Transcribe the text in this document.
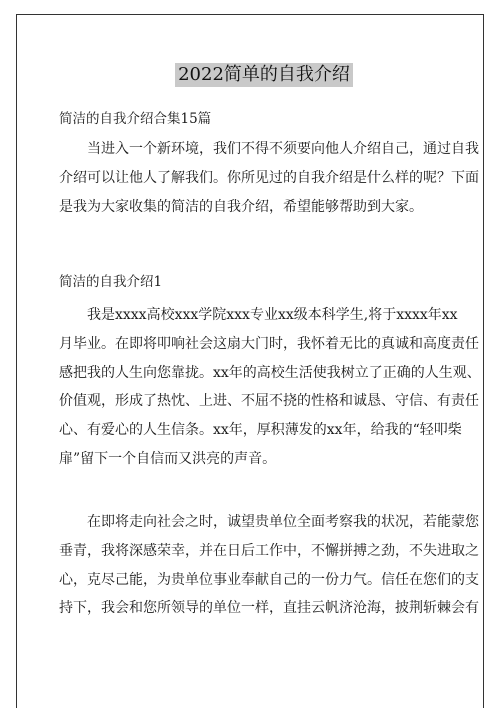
2022简单的自我介绍
简洁的自我介绍合集15篇
当进入一个新环境，我们不得不须要向他人介绍自己，通过自我
介绍可以让他人了解我们。你所见过的自我介绍是什么样的呢？下面
是我为大家收集的简洁的自我介绍，希望能够帮助到大家。
简洁的自我介绍1
我是xxxx高校xxx学院xxx专业xx级本科学生,将于xxxx年xx
月毕业。在即将叩响社会这扇大门时，我怀着无比的真诚和高度责任
感把我的人生向您靠拢。xx年的高校生活使我树立了正确的人生观、
价值观，形成了热忱、上进、不屈不挠的性格和诚恳、守信、有责任
心、有爱心的人生信条。xx年，厚积薄发的xx年，给我的“轻叩柴
扉”留下一个自信而又洪亮的声音。
在即将走向社会之时，诚望贵单位全面考察我的状况，若能蒙您
垂青，我将深感荣幸，并在日后工作中，不懈拼搏之劲，不失进取之
心，克尽己能，为贵单位事业奉献自己的一份力气。信任在您们的支
持下，我会和您所领导的单位一样，直挂云帆济沧海，披荆斩棘会有
